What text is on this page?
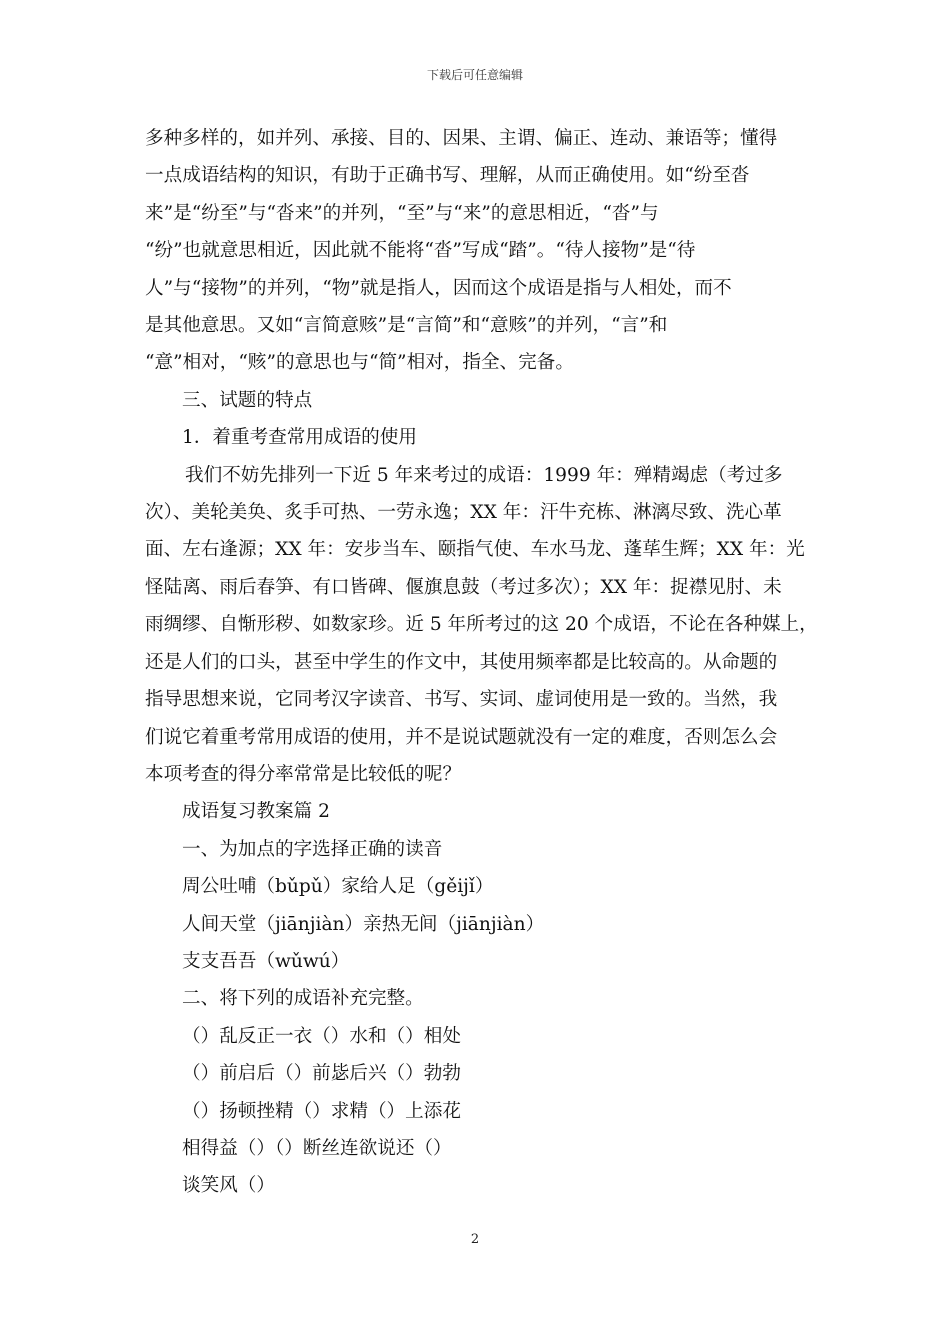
下载后可任意编辑

多种多样的，如并列、承接、目的、因果、主谓、偏正、连动、兼语等；懂得

一点成语结构的知识，有助于正确书写、理解，从而正确使用。如“纷至沓

来”是“纷至”与“沓来”的并列，“至”与“来”的意思相近，“沓”与

“纷”也就意思相近，因此就不能将“沓”写成“踏”。“待人接物”是“待

人”与“接物”的并列，“物”就是指人，因而这个成语是指与人相处，而不

是其他意思。又如“言简意赅”是“言简”和“意赅”的并列，“言”和

“意”相对，“赅”的意思也与“简”相对，指全、完备。

三、试题的特点

1．着重考查常用成语的使用

我们不妨先排列一下近 5 年来考过的成语：1999 年：殚精竭虑（考过多

次）、美轮美奂、炙手可热、一劳永逸；XX 年：汗牛充栋、淋漓尽致、洗心革

面、左右逢源；XX 年：安步当车、颐指气使、车水马龙、蓬荜生辉；XX 年：光

怪陆离、雨后春笋、有口皆碑、偃旗息鼓（考过多次）；XX 年：捉襟见肘、未

雨绸缪、自惭形秽、如数家珍。近 5 年所考过的这 20 个成语，不论在各种媒上，

还是人们的口头，甚至中学生的作文中，其使用频率都是比较高的。从命题的

指导思想来说，它同考汉字读音、书写、实词、虚词使用是一致的。当然，我

们说它着重考常用成语的使用，并不是说试题就没有一定的难度，否则怎么会

本项考查的得分率常常是比较低的呢？

成语复习教案篇 2

一、为加点的字选择正确的读音

周公吐哺（bǔpǔ）家给人足（gěijǐ）

人间天堂（jiānjiàn）亲热无间（jiānjiàn）

支支吾吾（wǔwú）

二、将下列的成语补充完整。

（）乱反正一衣（）水和（）相处

（）前启后（）前毖后兴（）勃勃

（）扬顿挫精（）求精（）上添花

相得益（）（）断丝连欲说还（）

谈笑风（）

2
